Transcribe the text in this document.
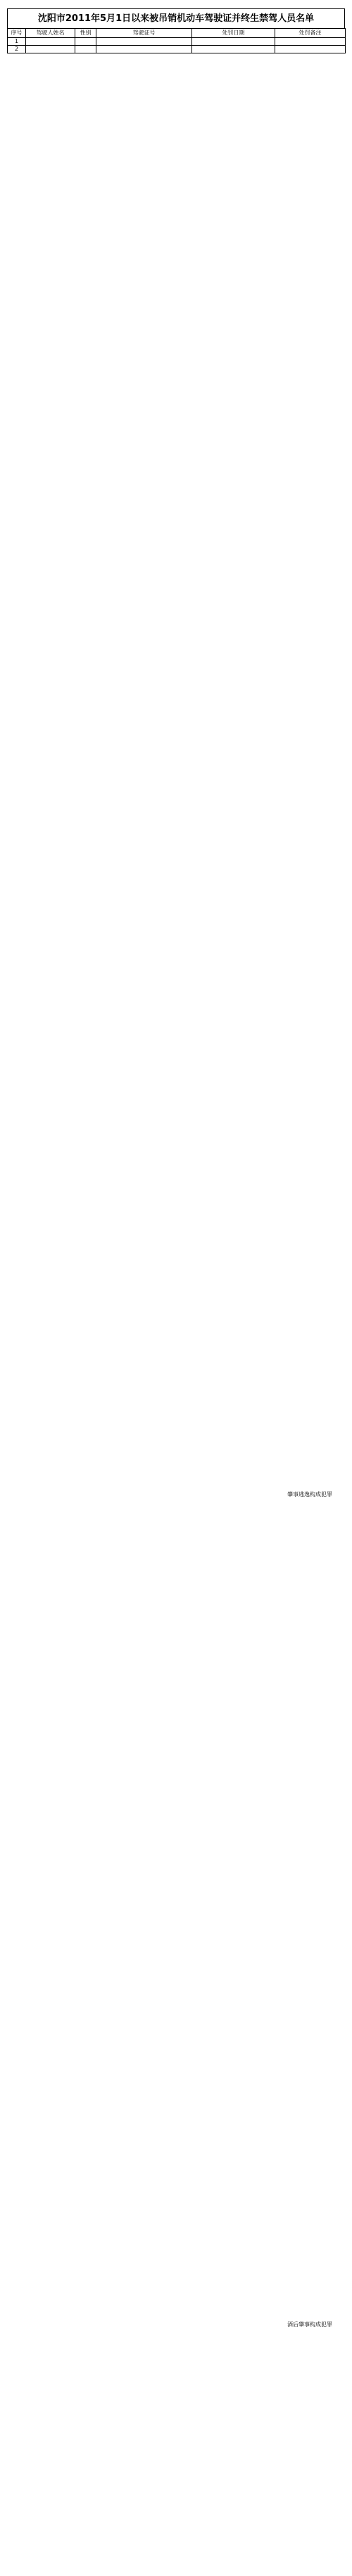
沈阳市2011年5月1日以来被吊销机动车驾驶证并终生禁驾人员名单
序号	驾驶人姓名	性别	驾驶证号	处罚日期	处罚备注
1					
2					
肇事逃逸构成犯罪
酒后肇事构成犯罪
